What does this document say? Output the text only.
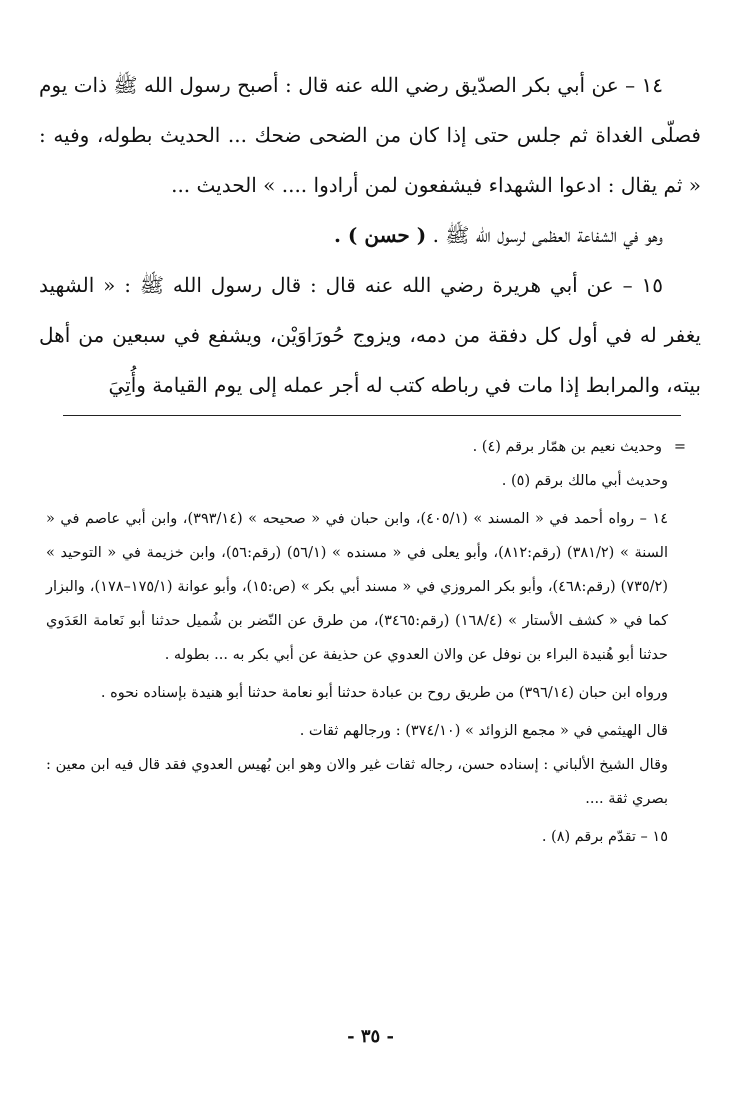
١٤ – عن أبي بكر الصدّيق رضي الله عنه قال : أصبح رسول الله ﷺ ذات يوم فصلّى الغداة ثم جلس حتى إذا كان من الضحى ضحك ... الحديث بطوله، وفيه : « ثم يقال : ادعوا الشهداء فيشفعون لمن أرادوا .... » الحديث ...

وهو في الشفاعة العظمى لرسول الله ﷺ . ( حسن ) .

١٥ – عن أبي هريرة رضي الله عنه قال : قال رسول الله ﷺ : « الشهيد يغفر له في أول كل دفقة من دمه، ويزوج حُورَاوَيْن، ويشفع في سبعين من أهل بيته، والمرابط إذا مات في رباطه كتب له أجر عمله إلى يوم القيامة وأُتِيَ

=وحديث نعيم بن همّار برقم (٤) .

وحديث أبي مالك برقم (٥) .

١٤ – رواه أحمد في « المسند » (٤٠٥/١)، وابن حبان في « صحيحه » (٣٩٣/١٤)، وابن أبي عاصم في « السنة » (٣٨١/٢) (رقم:٨١٢)، وأبو يعلى في « مسنده » (٥٦/١) (رقم:٥٦)، وابن خزيمة في « التوحيد » (٧٣٥/٢) (رقم:٤٦٨)، وأبو بكر المروزي في « مسند أبي بكر » (ص:١٥)، وأبو عوانة (١٧٥/١–١٧٨)، والبزار كما في « كشف الأستار » (١٦٨/٤) (رقم:٣٤٦٥)، من طرق عن النّضر بن شُميل حدثنا أبو نَعامة العَدَوي حدثنا أبو هُنيدة البراء بن نوفل عن والان العدوي عن حذيفة عن أبي بكر به ... بطوله .

ورواه ابن حبان (٣٩٦/١٤) من طريق روح بن عبادة حدثنا أبو نعامة حدثنا أبو هنيدة بإسناده نحوه .

قال الهيثمي في « مجمع الزوائد » (٣٧٤/١٠) : ورجالهم ثقات .

وقال الشيخ الألباني : إسناده حسن، رجاله ثقات غير والان وهو ابن بُهيس العدوي فقد قال فيه ابن معين : بصري ثقة ....

١٥ – تقدّم برقم (٨) .

- ٣٥ -
